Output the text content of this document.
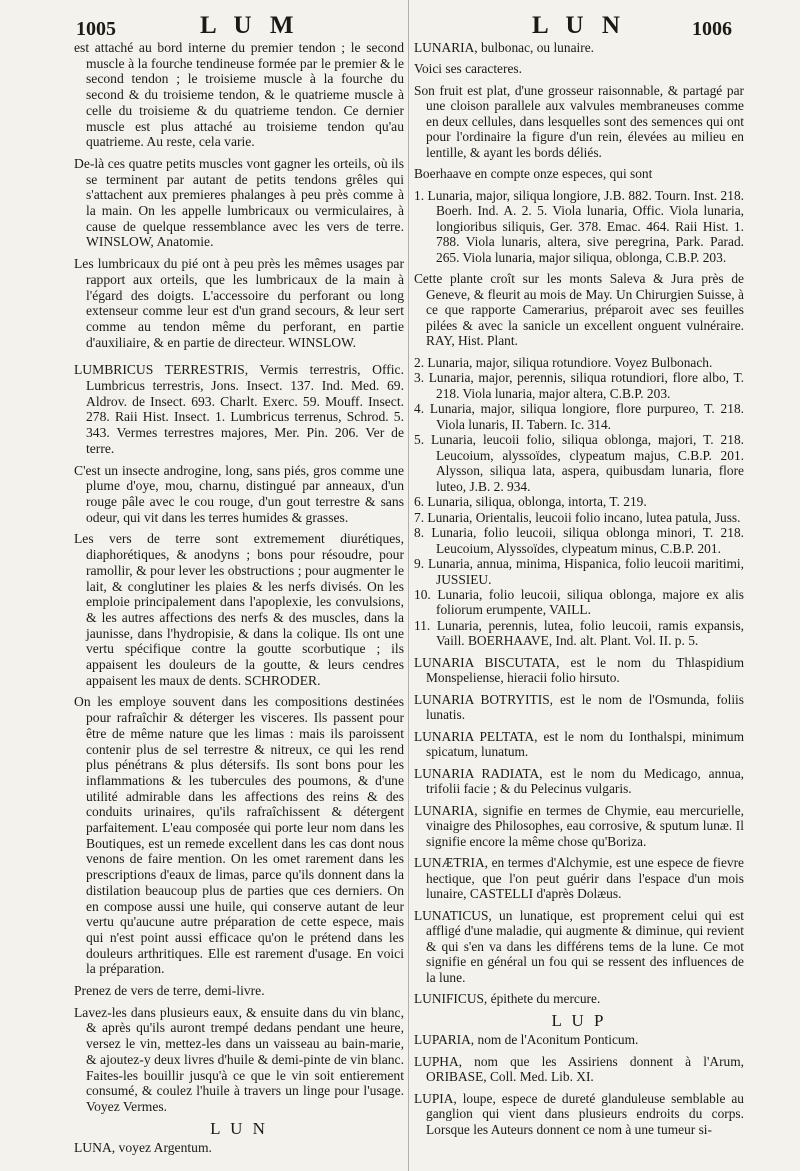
1005	L U M	L U N	1006

est attaché au bord interne du premier tendon ; le second muscle à la fourche tendineuse formée par le premier & le second tendon ; le troisieme muscle à la fourche du second & du troisieme tendon, & le quatrieme muscle à celle du troisieme & du quatrieme tendon. Ce dernier muscle est plus attaché au troisieme tendon qu'au quatrieme. Au reste, cela varie.

De-là ces quatre petits muscles vont gagner les orteils, où ils se terminent par autant de petits tendons grêles qui s'attachent aux premieres phalanges à peu près comme à la main. On les appelle lumbricaux ou vermiculaires, à cause de quelque ressemblance avec les vers de terre. WINSLOW, Anatomie.

Les lumbricaux du pié ont à peu près les mêmes usages par rapport aux orteils, que les lumbricaux de la main à l'égard des doigts. L'accessoire du perforant ou long extenseur comme leur est d'un grand secours, & leur sert comme au tendon même du perforant, en partie d'auxiliaire, & en partie de directeur. WINSLOW.

LUMBRICUS TERRESTRIS, Vermis terrestris, Offic. Lumbricus terrestris, Jons. Insect. 137. Ind. Med. 69. Aldrov. de Insect. 693. Charlt. Exerc. 59. Mouff. Insect. 278. Raii Hist. Insect. 1. Lumbricus terrenus, Schrod. 5. 343. Vermes terrestres majores, Mer. Pin. 206. Ver de terre.

C'est un insecte androgine, long, sans piés, gros comme une plume d'oye, mou, charnu, distingué par anneaux, d'un rouge pâle avec le cou rouge, d'un gout terrestre & sans odeur, qui vit dans les terres humides & grasses.

Les vers de terre sont extremement diurétiques, diaphorétiques, & anodyns ; bons pour résoudre, pour ramollir, & pour lever les obstructions ; pour augmenter le lait, & conglutiner les plaies & les nerfs divisés. On les emploie principalement dans l'apoplexie, les convulsions, & les autres affections des nerfs & des muscles, dans la jaunisse, dans l'hydropisie, & dans la colique. Ils ont une vertu spécifique contre la goutte scorbutique ; ils appaisent les douleurs de la goutte, & leurs cendres appaisent les maux de dents. SCHRODER.

On les employe souvent dans les compositions destinées pour rafraîchir & déterger les visceres. Ils passent pour être de même nature que les limas : mais ils paroissent contenir plus de sel terrestre & nitreux, ce qui les rend plus pénétrans & plus détersifs. Ils sont bons pour les inflammations & les tubercules des poumons, & d'une utilité admirable dans les affections des reins & des conduits urinaires, qu'ils rafraîchissent & détergent parfaitement. L'eau composée qui porte leur nom dans les Boutiques, est un remede excellent dans les cas dont nous venons de faire mention. On les omet rarement dans les prescriptions d'eaux de limas, parce qu'ils donnent dans la distilation beaucoup plus de parties que ces derniers. On en compose aussi une huile, qui conserve autant de leur vertu qu'aucune autre préparation de cette espece, mais qui n'est point aussi efficace qu'on le prétend dans les douleurs arthritiques. Elle est rarement d'usage. En voici la préparation.

Prenez de vers de terre, demi-livre.

Lavez-les dans plusieurs eaux, & ensuite dans du vin blanc, & après qu'ils auront trempé dedans pendant une heure, versez le vin, mettez-les dans un vaisseau au bain-marie, & ajoutez-y deux livres d'huile & demi-pinte de vin blanc. Faites-les bouillir jusqu'à ce que le vin soit entierement consumé, & coulez l'huile à travers un linge pour l'usage. Voyez Vermes.

L U N

LUNA, voyez Argentum.

LUNARIA, bulbonac, ou lunaire.

Voici ses caracteres.

Son fruit est plat, d'une grosseur raisonnable, & partagé par une cloison parallele aux valvules membraneuses comme en deux cellules, dans lesquelles sont des semences qui ont pour l'ordinaire la figure d'un rein, élevées au milieu en lentille, & ayant les bords déliés.

Boerhaave en compte onze especes, qui sont

1. Lunaria, major, siliqua longiore, J.B. 882. Tourn. Inst. 218. Boerh. Ind. A. 2. 5. Viola lunaria, Offic. Viola lunaria, longioribus siliquis, Ger. 378. Emac. 464. Raii Hist. 1. 788. Viola lunaris, altera, sive peregrina, Park. Parad. 265. Viola lunaria, major siliqua, oblonga, C.B.P. 203.

Cette plante croît sur les monts Saleva & Jura près de Geneve, & fleurit au mois de May. Un Chirurgien Suisse, à ce que rapporte Camerarius, préparoit avec ses feuilles pilées & avec la sanicle un excellent onguent vulnéraire. RAY, Hist. Plant.

2. Lunaria, major, siliqua rotundiore. Voyez Bulbonach.

3. Lunaria, major, perennis, siliqua rotundiori, flore albo, T. 218. Viola lunaria, major altera, C.B.P. 203.

4. Lunaria, major, siliqua longiore, flore purpureo, T. 218. Viola lunaris, II. Tabern. Ic. 314.

5. Lunaria, leucoii folio, siliqua oblonga, majori, T. 218. Leucoium, alyssoïdes, clypeatum majus, C.B.P. 201. Alysson, siliqua lata, aspera, quibusdam lunaria, flore luteo, J.B. 2. 934.

6. Lunaria, siliqua, oblonga, intorta, T. 219.

7. Lunaria, Orientalis, leucoii folio incano, lutea patula, Juss.

8. Lunaria, folio leucoii, siliqua oblonga minori, T. 218. Leucoium, Alyssoïdes, clypeatum minus, C.B.P. 201.

9. Lunaria, annua, minima, Hispanica, folio leucoii maritimi, JUSSIEU.

10. Lunaria, folio leucoii, siliqua oblonga, majore ex alis foliorum erumpente, VAILL.

11. Lunaria, perennis, lutea, folio leucoii, ramis expansis, Vaill. BOERHAAVE, Ind. alt. Plant. Vol. II. p. 5.

LUNARIA BISCUTATA, est le nom du Thlaspidium Monspeliense, hieracii folio hirsuto.

LUNARIA BOTRYITIS, est le nom de l'Osmunda, foliis lunatis.

LUNARIA PELTATA, est le nom du Ionthalspi, minimum spicatum, lunatum.

LUNARIA RADIATA, est le nom du Medicago, annua, trifolii facie ; & du Pelecinus vulgaris.

LUNARIA, signifie en termes de Chymie, eau mercurielle, vinaigre des Philosophes, eau corrosive, & sputum lunæ. Il signifie encore la même chose qu'Boriza.

LUNÆTRIA, en termes d'Alchymie, est une espece de fievre hectique, que l'on peut guérir dans l'espace d'un mois lunaire, CASTELLI d'après Dolæus.

LUNATICUS, un lunatique, est proprement celui qui est affligé d'une maladie, qui augmente & diminue, qui revient & qui s'en va dans les différens tems de la lune. Ce mot signifie en général un fou qui se ressent des influences de la lune.

LUNIFICUS, épithete du mercure.

L U P

LUPARIA, nom de l'Aconitum Ponticum.

LUPHA, nom que les Assiriens donnent à l'Arum, ORIBASE, Coll. Med. Lib. XI.

LUPIA, loupe, espece de dureté glanduleuse semblable au ganglion qui vient dans plusieurs endroits du corps. Lorsque les Auteurs donnent ce nom à une tumeur si-
